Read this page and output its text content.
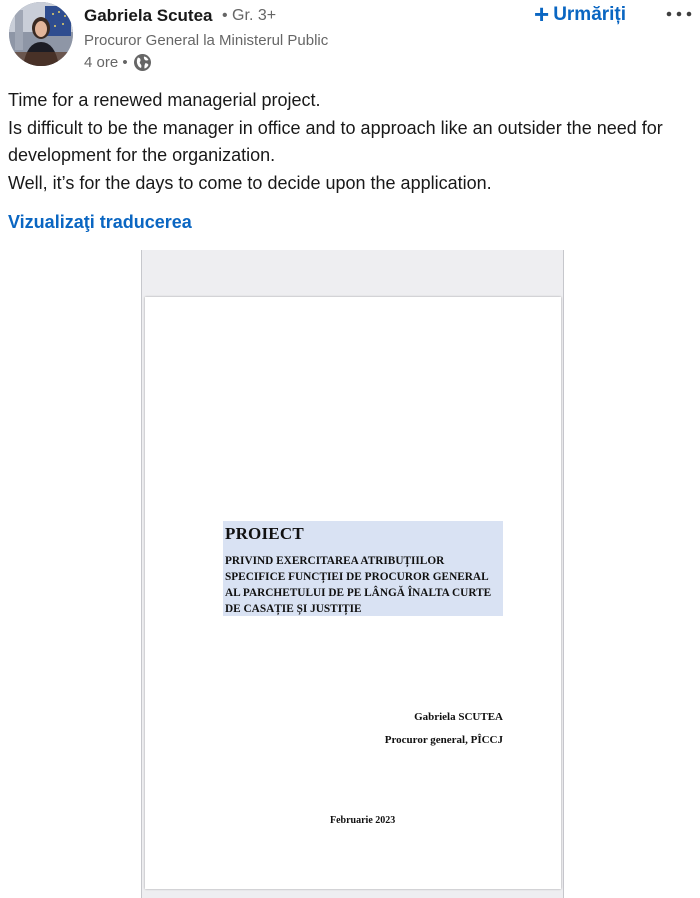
Gabriela Scutea • Gr. 3+
Procuror General la Ministerul Public
4 ore •
+ Urmăriți

Time for a renewed managerial project.

Is difficult to be the manager in office and to approach like an outsider the need for development for the organization.

Well, it’s for the days to come to decide upon the application.

Vizualizaţi traducerea
PROIECT
PRIVIND EXERCITAREA ATRIBUȚIILOR
SPECIFICE FUNCȚIEI DE PROCUROR GENERAL
AL PARCHETULUI DE PE LÂNGĂ ÎNALTA CURTE
DE CASAȚIE ȘI JUSTIȚIE
Gabriela SCUTEA
Procuror general, PÎCCJ
Februarie 2023
